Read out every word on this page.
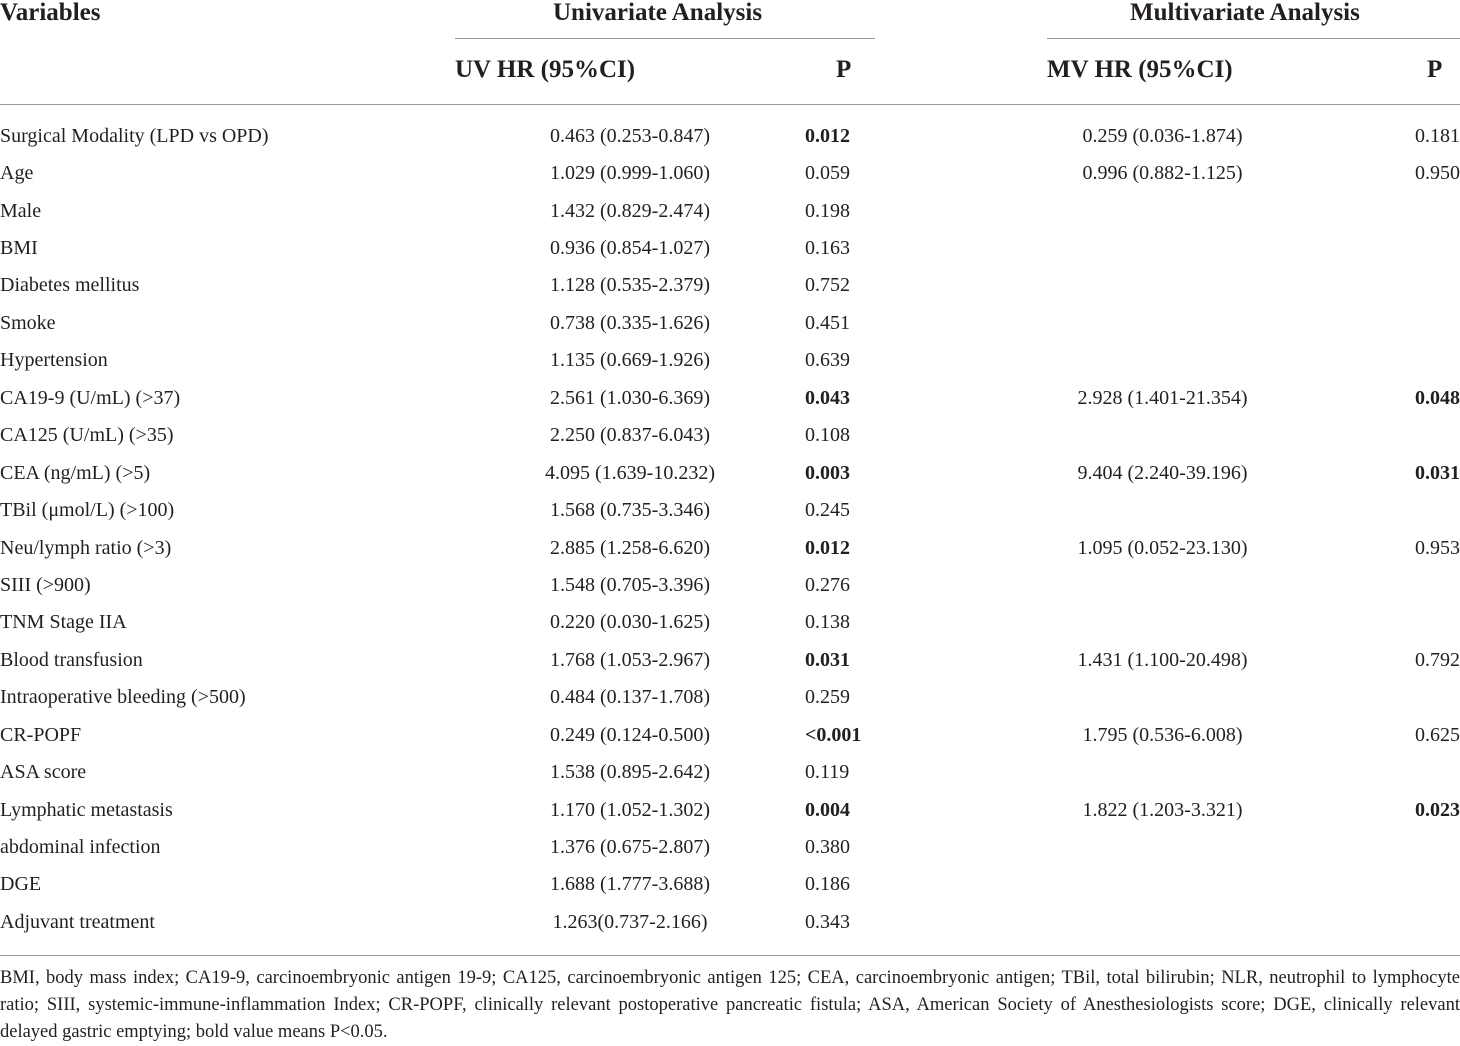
Variables	Univariate Analysis	Multivariate Analysis
UV HR (95%CI)	P	MV HR (95%CI)	P
Surgical Modality (LPD vs OPD)	0.463 (0.253-0.847)	0.012	0.259 (0.036-1.874)	0.181
Age	1.029 (0.999-1.060)	0.059	0.996 (0.882-1.125)	0.950
Male	1.432 (0.829-2.474)	0.198		
BMI	0.936 (0.854-1.027)	0.163		
Diabetes mellitus	1.128 (0.535-2.379)	0.752		
Smoke	0.738 (0.335-1.626)	0.451		
Hypertension	1.135 (0.669-1.926)	0.639		
CA19-9 (U/mL) (>37)	2.561 (1.030-6.369)	0.043	2.928 (1.401-21.354)	0.048
CA125 (U/mL) (>35)	2.250 (0.837-6.043)	0.108		
CEA (ng/mL) (>5)	4.095 (1.639-10.232)	0.003	9.404 (2.240-39.196)	0.031
TBil (μmol/L) (>100)	1.568 (0.735-3.346)	0.245		
Neu/lymph ratio (>3)	2.885 (1.258-6.620)	0.012	1.095 (0.052-23.130)	0.953
SIII (>900)	1.548 (0.705-3.396)	0.276		
TNM Stage IIA	0.220 (0.030-1.625)	0.138		
Blood transfusion	1.768 (1.053-2.967)	0.031	1.431 (1.100-20.498)	0.792
Intraoperative bleeding (>500)	0.484 (0.137-1.708)	0.259		
CR-POPF	0.249 (0.124-0.500)	<0.001	1.795 (0.536-6.008)	0.625
ASA score	1.538 (0.895-2.642)	0.119		
Lymphatic metastasis	1.170 (1.052-1.302)	0.004	1.822 (1.203-3.321)	0.023
abdominal infection	1.376 (0.675-2.807)	0.380		
DGE	1.688 (1.777-3.688)	0.186		
Adjuvant treatment	1.263(0.737-2.166)	0.343		
BMI, body mass index; CA19-9, carcinoembryonic antigen 19-9; CA125, carcinoembryonic antigen 125; CEA, carcinoembryonic antigen; TBil, total bilirubin; NLR, neutrophil to lymphocyte ratio; SIII, systemic-immune-inflammation Index; CR-POPF, clinically relevant postoperative pancreatic fistula; ASA, American Society of Anesthesiologists score; DGE, clinically relevant delayed gastric emptying; bold value means P<0.05.
